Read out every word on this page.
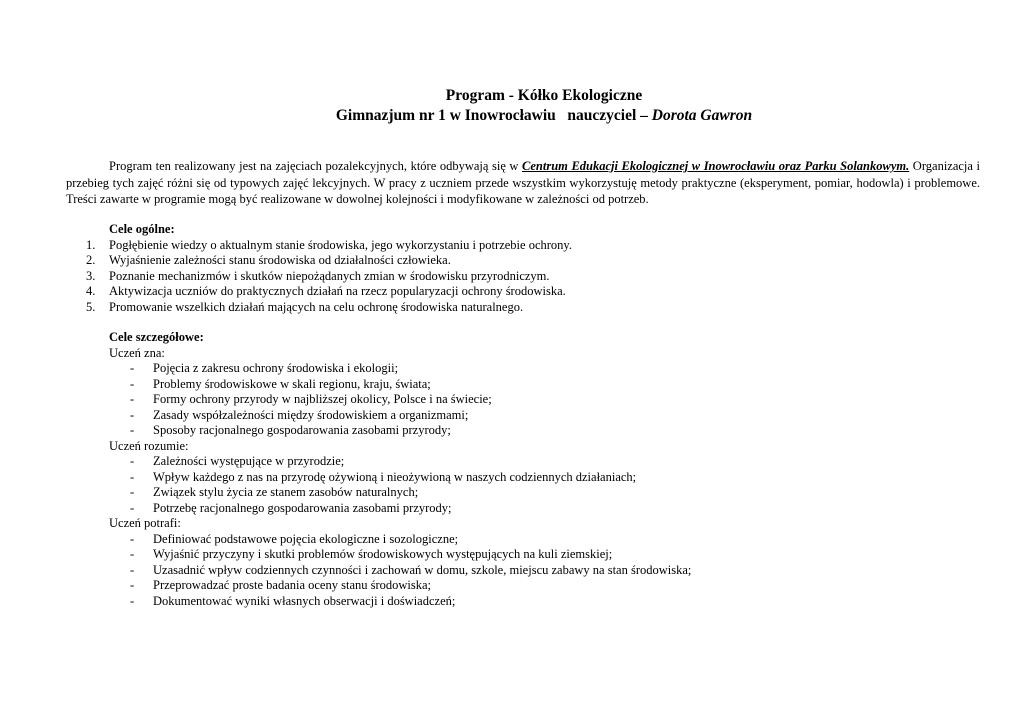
Program - Kółko Ekologiczne
Gimnazjum nr 1 w Inowrocławiu   nauczyciel – Dorota Gawron
Program ten realizowany jest na zajęciach pozalekcyjnych, które odbywają się w Centrum Edukacji Ekologicznej w Inowrocławiu oraz Parku Solankowym. Organizacja i przebieg tych zajęć różni się od typowych zajęć lekcyjnych. W pracy z uczniem przede wszystkim wykorzystuję metody praktyczne (eksperyment, pomiar, hodowla) i problemowe. Treści zawarte w programie mogą być realizowane w dowolnej kolejności i modyfikowane w zależności od potrzeb.
Cele ogólne:
1. Pogłębienie wiedzy o aktualnym stanie środowiska, jego wykorzystaniu i potrzebie ochrony.
2. Wyjaśnienie zależności stanu środowiska od działalności człowieka.
3. Poznanie mechanizmów i skutków niepożądanych zmian w środowisku przyrodniczym.
4. Aktywizacja uczniów do praktycznych działań na rzecz popularyzacji ochrony środowiska.
5. Promowanie wszelkich działań mających na celu ochronę środowiska naturalnego.
Cele szczegółowe:
Uczeń zna:
- Pojęcia z zakresu ochrony środowiska i ekologii;
- Problemy środowiskowe w skali regionu, kraju, świata;
- Formy ochrony przyrody w najbliższej okolicy, Polsce i na świecie;
- Zasady współzależności między środowiskiem a organizmami;
- Sposoby racjonalnego gospodarowania zasobami przyrody;
Uczeń rozumie:
- Zależności występujące w przyrodzie;
- Wpływ każdego z nas na przyrodę ożywioną i nieożywioną w naszych codziennych działaniach;
- Związek stylu życia ze stanem zasobów naturalnych;
- Potrzebę racjonalnego gospodarowania zasobami przyrody;
Uczeń potrafi:
- Definiować podstawowe pojęcia ekologiczne i sozologiczne;
- Wyjaśnić przyczyny i skutki problemów środowiskowych występujących na kuli ziemskiej;
- Uzasadnić wpływ codziennych czynności i zachowań w domu, szkole, miejscu zabawy na stan środowiska;
- Przeprowadzać proste badania oceny stanu środowiska;
- Dokumentować wyniki własnych obserwacji i doświadczeń;
